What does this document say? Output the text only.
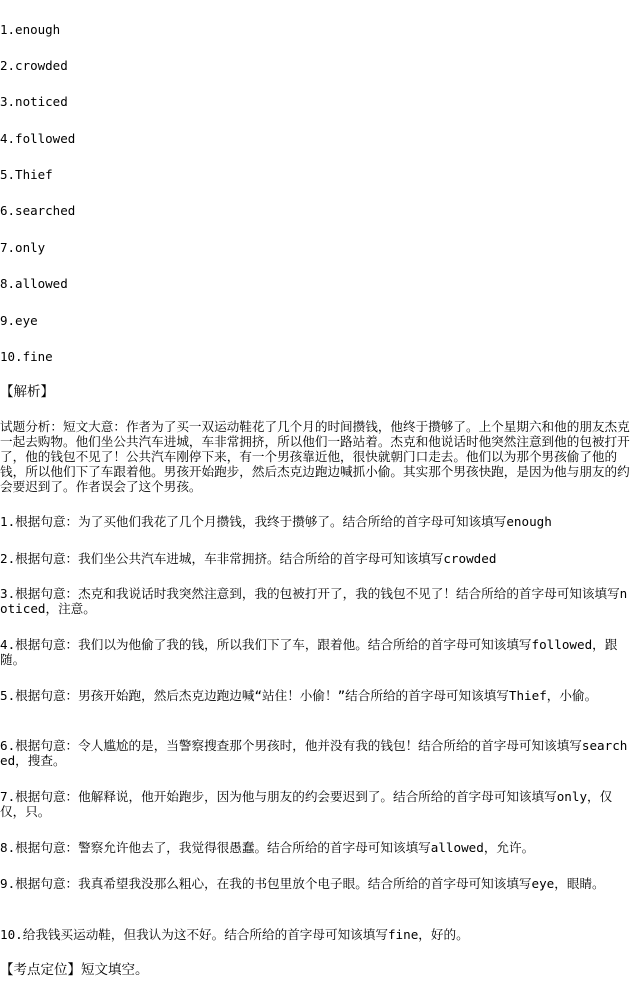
1.enough
2.crowded
3.noticed
4.followed
5.Thief
6.searched
7.only
8.allowed
9.eye
10.fine
【解析】
试题分析：短文大意：作者为了买一双运动鞋花了几个月的时间攒钱，他终于攒够了。上个星期六和他的朋友杰克一起去购物。他们坐公共汽车进城，车非常拥挤，所以他们一路站着。杰克和他说话时他突然注意到他的包被打开了，他的钱包不见了！公共汽车刚停下来，有一个男孩靠近他，很快就朝门口走去。他们以为那个男孩偷了他的钱，所以他们下了车跟着他。男孩开始跑步，然后杰克边跑边喊抓小偷。其实那个男孩快跑，是因为他与朋友的约会要迟到了。作者误会了这个男孩。
1.根据句意：为了买他们我花了几个月攒钱，我终于攒够了。结合所给的首字母可知该填写enough
2.根据句意：我们坐公共汽车进城，车非常拥挤。结合所给的首字母可知该填写crowded
3.根据句意：杰克和我说话时我突然注意到，我的包被打开了，我的钱包不见了！结合所给的首字母可知该填写noticed，注意。
4.根据句意：我们以为他偷了我的钱，所以我们下了车，跟着他。结合所给的首字母可知该填写followed，跟随。
5.根据句意：男孩开始跑，然后杰克边跑边喊“站住！小偷！”结合所给的首字母可知该填写Thief，小偷。
6.根据句意：令人尴尬的是，当警察搜查那个男孩时，他并没有我的钱包！结合所给的首字母可知该填写searched，搜查。
7.根据句意：他解释说，他开始跑步，因为他与朋友的约会要迟到了。结合所给的首字母可知该填写only，仅仅，只。
8.根据句意：警察允许他去了，我觉得很愚蠢。结合所给的首字母可知该填写allowed，允许。
9.根据句意：我真希望我没那么粗心，在我的书包里放个电子眼。结合所给的首字母可知该填写eye，眼睛。
10.给我钱买运动鞋，但我认为这不好。结合所给的首字母可知该填写fine，好的。
【考点定位】短文填空。
